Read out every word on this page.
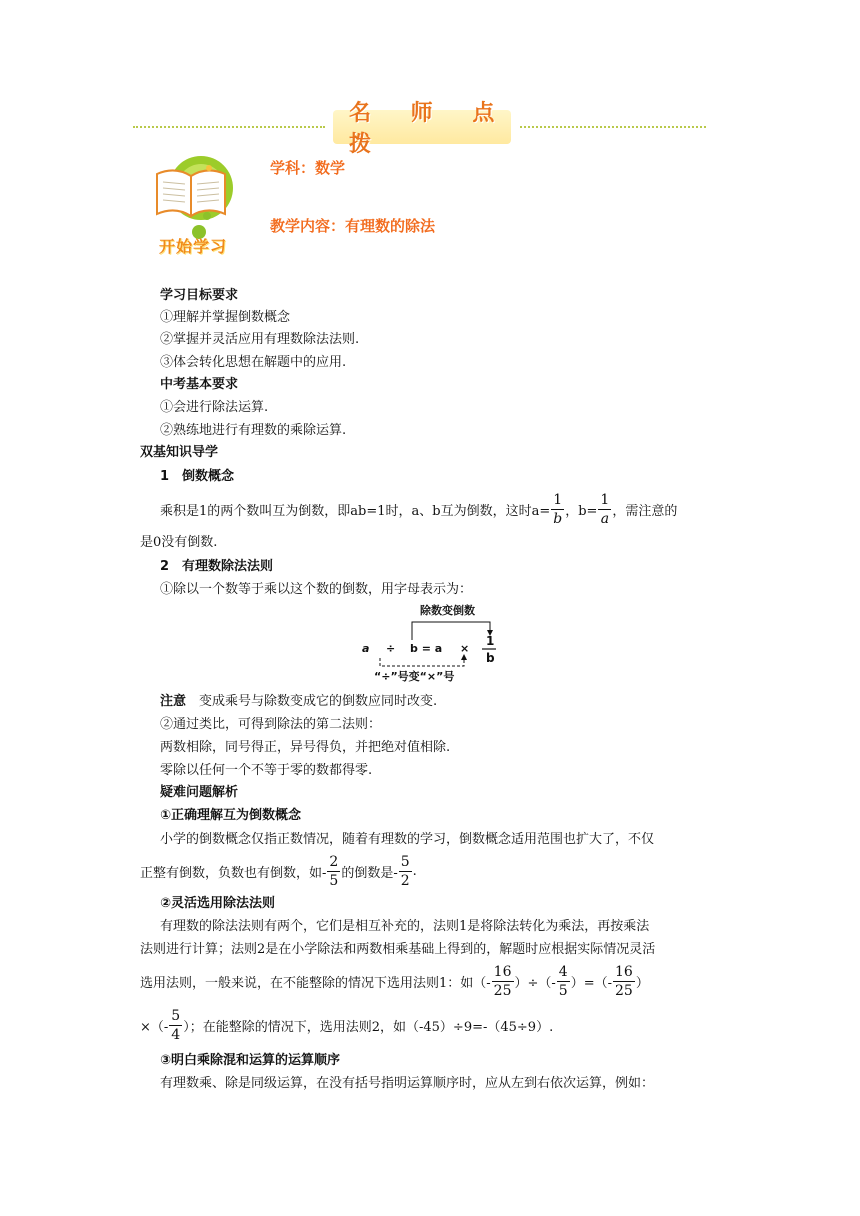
名 师 点 拨
开始学习
学科：数学
教学内容：有理数的除法
学习目标要求
①理解并掌握倒数概念
②掌握并灵活应用有理数除法法则.
③体会转化思想在解题中的应用.
中考基本要求
①会进行除法运算.
②熟练地进行有理数的乘除运算.
双基知识导学
1　倒数概念
乘积是1的两个数叫互为倒数，即ab=1时，a、b互为倒数，这时$a= \frac{1}{b}$ ，$b= \frac{1}{a}$ ，需注意的
是0没有倒数.
2　有理数除法法则
①除以一个数等于乘以这个数的倒数，用字母表示为：
除数变倒数
a ÷ b = a ×
1
b
“÷”号变“×”号
注意　变成乘号与除数变成它的倒数应同时改变.
②通过类比，可得到除法的第二法则：
两数相除，同号得正，异号得负，并把绝对值相除.
零除以任何一个不等于零的数都得零.
疑难问题解析
①正确理解互为倒数概念
小学的倒数概念仅指正数情况，随着有理数的学习，倒数概念适用范围也扩大了，不仅
正整有倒数，负数也有倒数，如- $\frac{2}{5}$ 的倒数是- $\frac{5}{2}$ .
②灵活选用除法法则
有理数的除法法则有两个，它们是相互补充的，法则1是将除法转化为乘法，再按乘法
法则进行计算；法则2是在小学除法和两数相乘基础上得到的，解题时应根据实际情况灵活
选用法则，一般来说，在不能整除的情况下选用法则1：如（- $\frac{16}{25}$ ）÷（- $\frac{4}{5}$ ）=（- $\frac{16}{25}$ ）
×（- $\frac{5}{4}$ ）；在能整除的情况下，选用法则2，如（-45）÷9=-（45÷9）.
③明白乘除混和运算的运算顺序
有理数乘、除是同级运算，在没有括号指明运算顺序时，应从左到右依次运算，例如：
